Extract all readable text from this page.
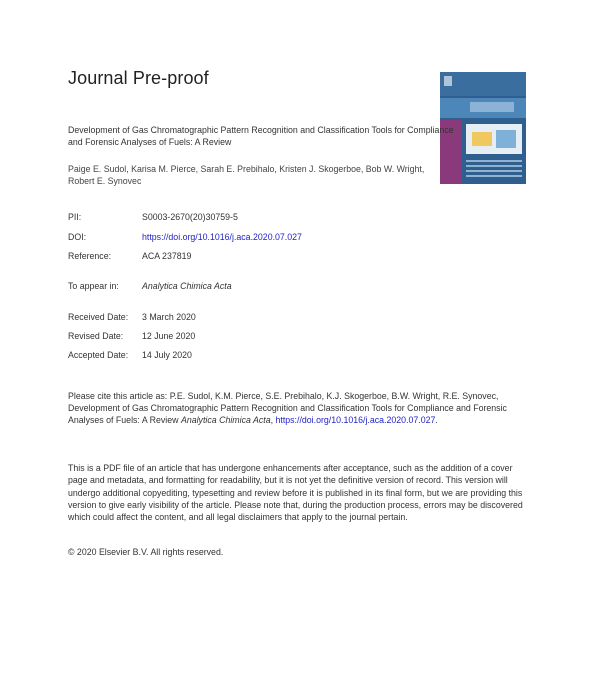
Journal Pre-proof
Development of Gas Chromatographic Pattern Recognition and Classification Tools for Compliance and Forensic Analyses of Fuels: A Review
Paige E. Sudol, Karisa M. Pierce, Sarah E. Prebihalo, Kristen J. Skogerboe, Bob W. Wright, Robert E. Synovec
PII:	S0003-2670(20)30759-5
DOI:	https://doi.org/10.1016/j.aca.2020.07.027
Reference:	ACA 237819
To appear in:	Analytica Chimica Acta
Received Date: 3 March 2020
Revised Date: 12 June 2020
Accepted Date: 14 July 2020
Please cite this article as: P.E. Sudol, K.M. Pierce, S.E. Prebihalo, K.J. Skogerboe, B.W. Wright, R.E. Synovec, Development of Gas Chromatographic Pattern Recognition and Classification Tools for Compliance and Forensic Analyses of Fuels: A Review Analytica Chimica Acta, https://doi.org/10.1016/j.aca.2020.07.027.
This is a PDF file of an article that has undergone enhancements after acceptance, such as the addition of a cover page and metadata, and formatting for readability, but it is not yet the definitive version of record. This version will undergo additional copyediting, typesetting and review before it is published in its final form, but we are providing this version to give early visibility of the article. Please note that, during the production process, errors may be discovered which could affect the content, and all legal disclaimers that apply to the journal pertain.
© 2020 Elsevier B.V. All rights reserved.
